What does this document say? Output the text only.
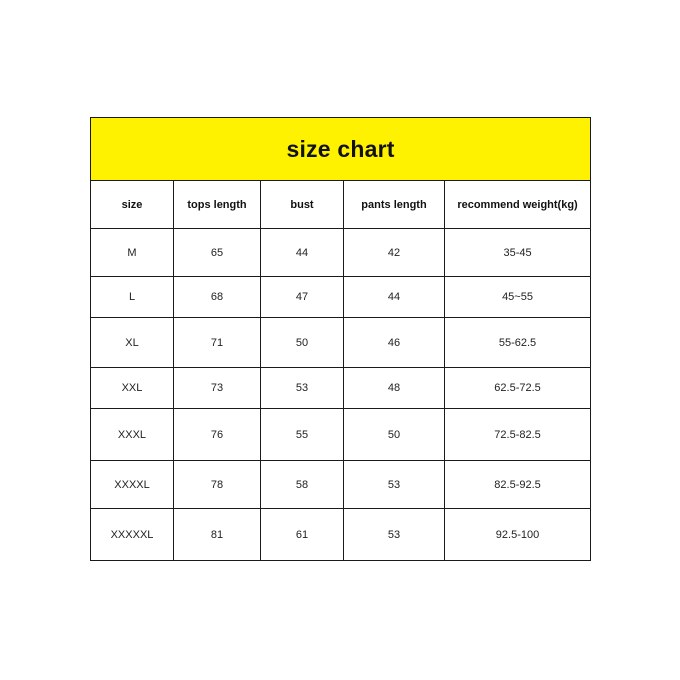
size chart				
size	tops length	bust	pants length	recommend weight(kg)
M	65	44	42	35-45
L	68	47	44	45~55
XL	71	50	46	55-62.5
XXL	73	53	48	62.5-72.5
XXXL	76	55	50	72.5-82.5
XXXXL	78	58	53	82.5-92.5
XXXXXL	81	61	53	92.5-100
